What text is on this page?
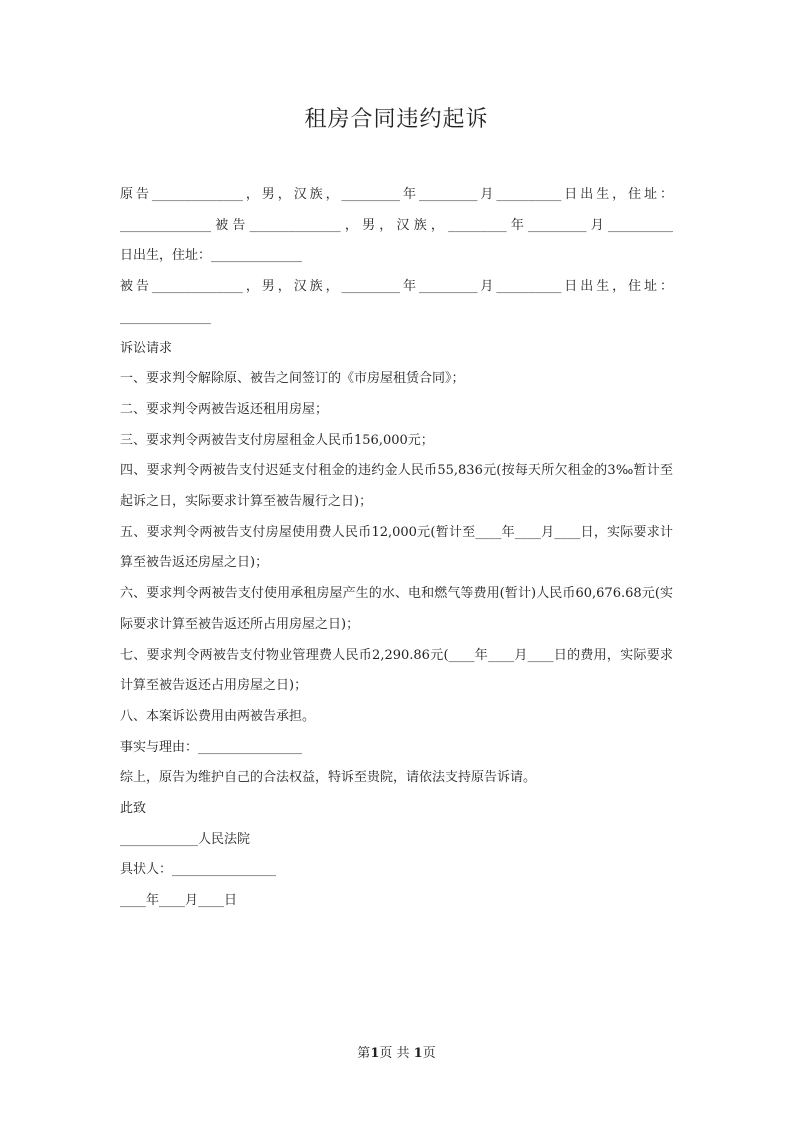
租房合同违约起诉

原告______________，男，汉族，_________年_________月__________日出生，住址：

______________被告______________，男，汉族，_________年_________月__________

日出生，住址：______________

被告______________，男，汉族，_________年_________月__________日出生，住址：

______________

诉讼请求

一、要求判令解除原、被告之间签订的《市房屋租赁合同》；

二、要求判令两被告返还租用房屋；

三、要求判令两被告支付房屋租金人民币156,000元；

四、要求判令两被告支付迟延支付租金的违约金人民币55,836元(按每天所欠租金的3‰暂计至

起诉之日，实际要求计算至被告履行之日)；

五、要求判令两被告支付房屋使用费人民币12,000元(暂计至____年____月____日，实际要求计

算至被告返还房屋之日)；

六、要求判令两被告支付使用承租房屋产生的水、电和燃气等费用(暂计)人民币60,676.68元(实

际要求计算至被告返还所占用房屋之日)；

七、要求判令两被告支付物业管理费人民币2,290.86元(____年____月____日的费用，实际要求

计算至被告返还占用房屋之日)；

八、本案诉讼费用由两被告承担。

事实与理由：________________

综上，原告为维护自己的合法权益，特诉至贵院，请依法支持原告诉请。

此致

____________人民法院

具状人：________________

____年____月____日

第1页 共 1页
